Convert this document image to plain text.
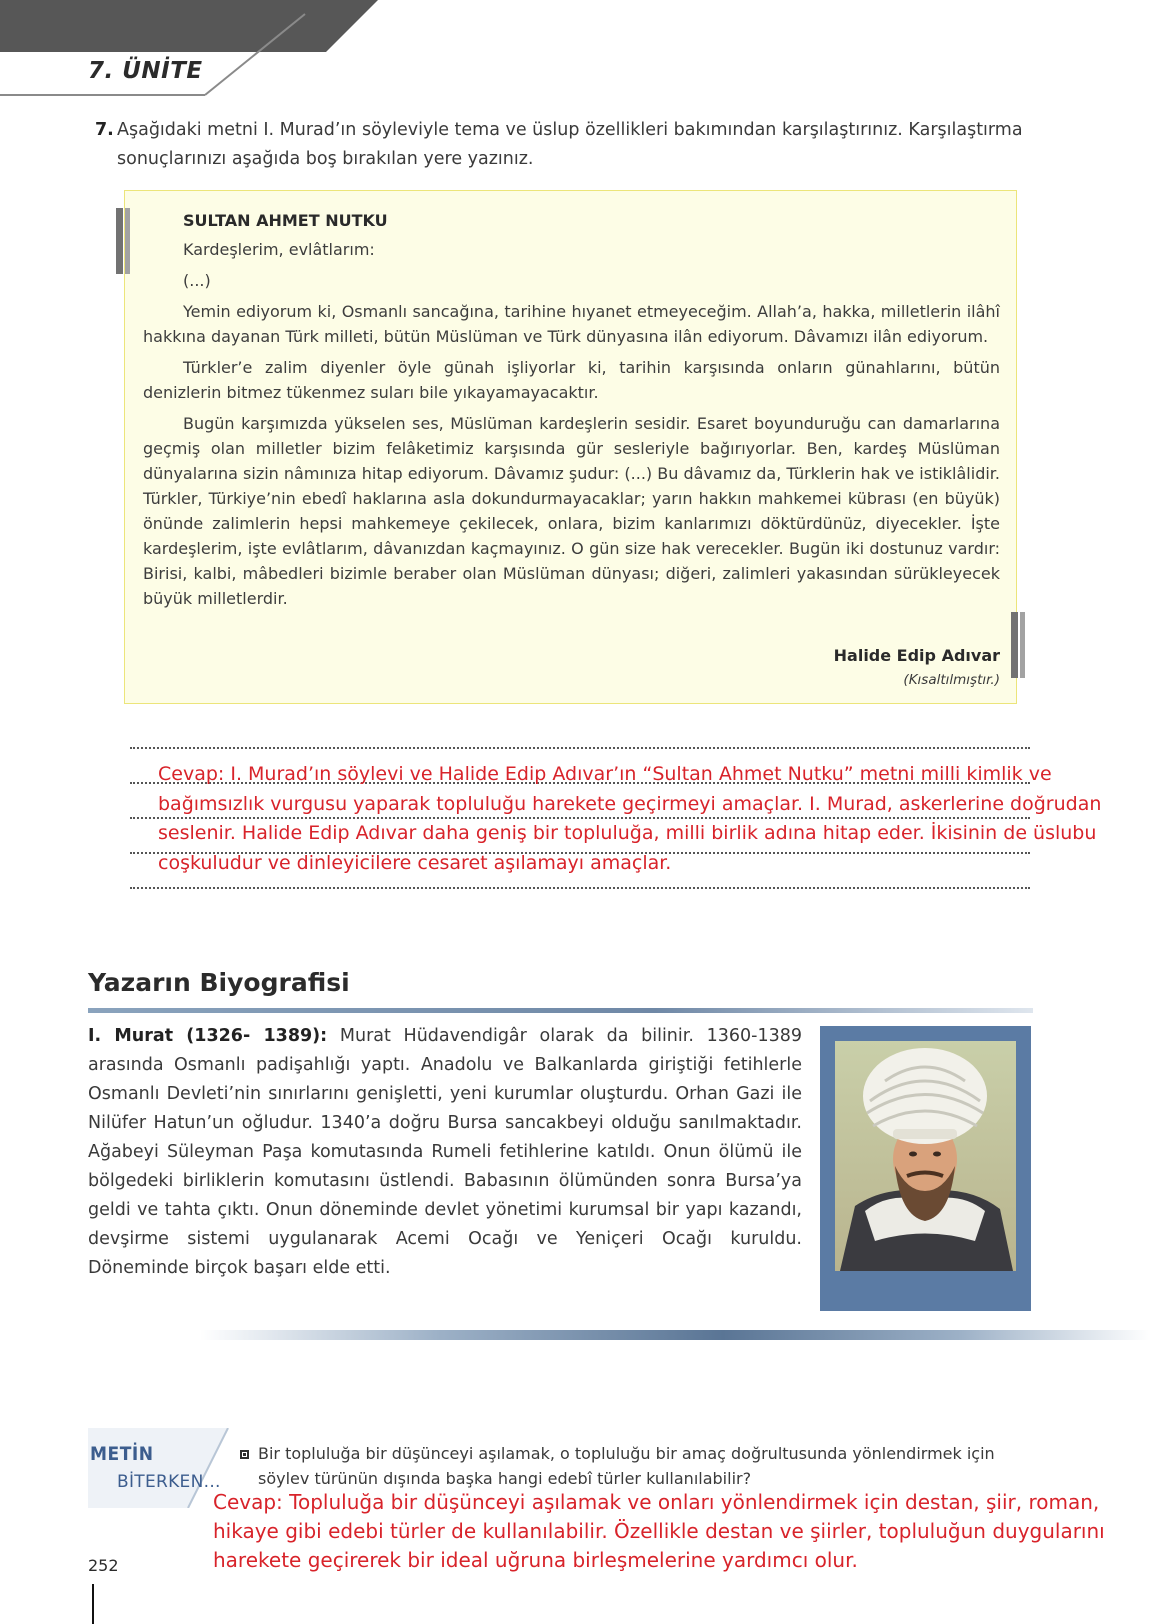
7. ÜNİTE
7. Aşağıdaki metni I. Murad’ın söyleviyle tema ve üslup özellikleri bakımından karşılaştırınız. Karşılaştırma sonuçlarınızı aşağıda boş bırakılan yere yazınız.

SULTAN AHMET NUTKU

Kardeşlerim, evlâtlarım:

(...)

Yemin ediyorum ki, Osmanlı sancağına, tarihine hıyanet etmeyeceğim. Allah’a, hakka, milletlerin ilâhî hakkına dayanan Türk milleti, bütün Müslüman ve Türk dünyasına ilân ediyorum. Dâvamızı ilân ediyorum.

Türkler’e zalim diyenler öyle günah işliyorlar ki, tarihin karşısında onların günahlarını, bütün denizlerin bitmez tükenmez suları bile yıkayamayacaktır.

Bugün karşımızda yükselen ses, Müslüman kardeşlerin sesidir. Esaret boyunduruğu can damarlarına geçmiş olan milletler bizim felâketimiz karşısında gür sesleriyle bağırıyorlar. Ben, kardeş Müslüman dünyalarına sizin nâmınıza hitap ediyorum. Dâvamız şudur: (...) Bu dâvamız da, Türklerin hak ve istiklâlidir. Türkler, Türkiye’nin ebedî haklarına asla dokundurmayacaklar; yarın hakkın mahkemei kübrası (en büyük) önünde zalimlerin hepsi mahkemeye çekilecek, onlara, bizim kanlarımızı döktürdünüz, diyecekler. İşte kardeşlerim, işte evlâtlarım, dâvanızdan kaçmayınız. O gün size hak verecekler. Bugün iki dostunuz vardır: Birisi, kalbi, mâbedleri bizimle beraber olan Müslüman dünyası; diğeri, zalimleri yakasından sürükleyecek büyük milletlerdir.

Halide Edip Adıvar
(Kısaltılmıştır.)
Cevap: I. Murad’ın söylevi ve Halide Edip Adıvar’ın “Sultan Ahmet Nutku” metni milli kimlik ve bağımsızlık vurgusu yaparak topluluğu harekete geçirmeyi amaçlar. I. Murad, askerlerine doğrudan seslenir. Halide Edip Adıvar daha geniş bir topluluğa, milli birlik adına hitap eder. İkisinin de üslubu coşkuludur ve dinleyicilere cesaret aşılamayı amaçlar.
Yazarın Biyografisi
I. Murat (1326- 1389): Murat Hüdavendigâr olarak da bilinir. 1360-1389 arasında Osmanlı padişahlığı yaptı. Anadolu ve Balkanlarda giriştiği fetihlerle Osmanlı Devleti’nin sınırlarını genişletti, yeni kurumlar oluşturdu. Orhan Gazi ile Nilüfer Hatun’un oğludur. 1340’a doğru Bursa sancakbeyi olduğu sanılmaktadır. Ağabeyi Süleyman Paşa komutasında Rumeli fetihlerine katıldı. Onun ölümü ile bölgedeki birliklerin komutasını üstlendi. Babasının ölümünden sonra Bursa’ya geldi ve tahta çıktı. Onun döneminde devlet yönetimi kurumsal bir yapı kazandı, devşirme sistemi uygulanarak Acemi Ocağı ve Yeniçeri Ocağı kuruldu. Döneminde birçok başarı elde etti.
METİN
BİTERKEN...
Bir topluluğa bir düşünceyi aşılamak, o topluluğu bir amaç doğrultusunda yönlendirmek için söylev türünün dışında başka hangi edebî türler kullanılabilir?
Cevap: Topluluğa bir düşünceyi aşılamak ve onları yönlendirmek için destan, şiir, roman, hikaye gibi edebi türler de kullanılabilir. Özellikle destan ve şiirler, topluluğun duygularını harekete geçirerek bir ideal uğruna birleşmelerine yardımcı olur.
252
